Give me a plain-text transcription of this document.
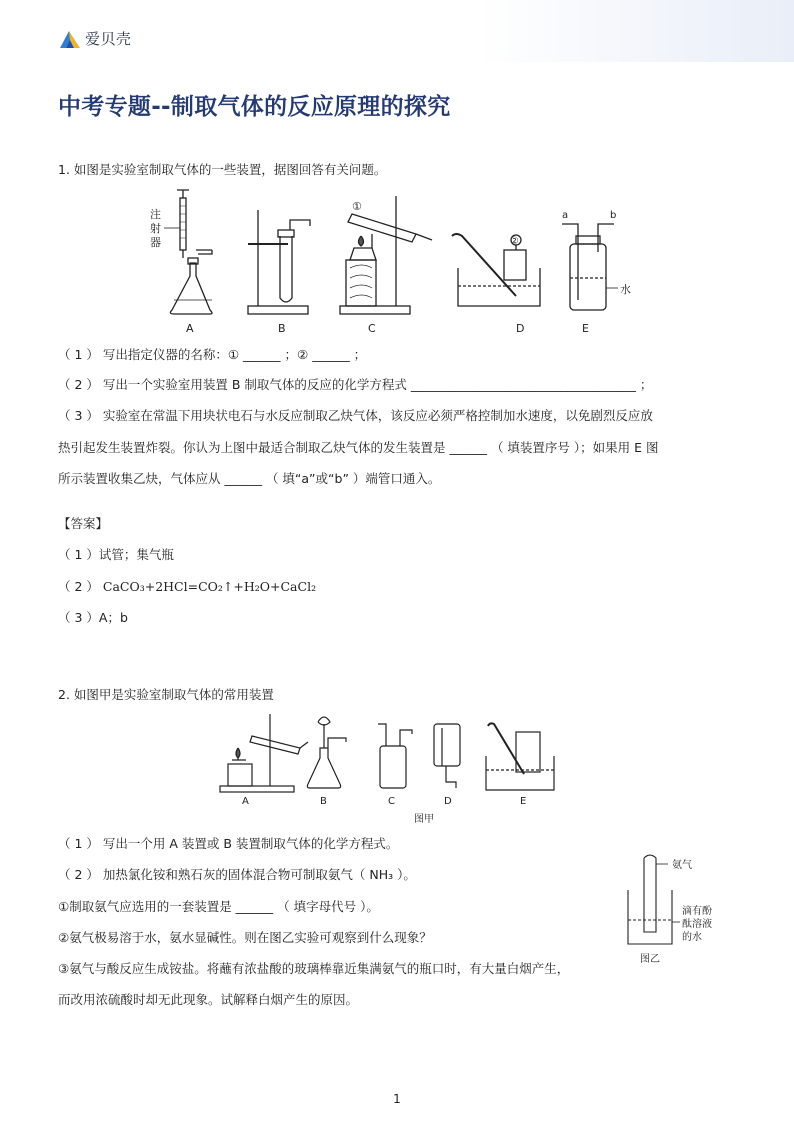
爱贝壳
中考专题--制取气体的反应原理的探究
1. 如图是实验室制取气体的一些装置，据图回答有关问题。
注
射
器
①
②
a	b
水
A	B	C	D	E
（ 1 ） 写出指定仪器的名称：① ______ ；② ______ ；
（ 2 ） 写出一个实验室用装置 B 制取气体的反应的化学方程式 ____________________________________ ；
（ 3 ） 实验室在常温下用块状电石与水反应制取乙炔气体，该反应必须严格控制加水速度，以免剧烈反应放
热引起发生装置炸裂。你认为上图中最适合制取乙炔气体的发生装置是 ______ （ 填装置序号 ）；如果用 E 图
所示装置收集乙炔，气体应从 ______ （ 填“a”或“b” ）端管口通入。
【答案】
（ 1 ）试管；集气瓶
（ 2 ） CaCO₃+2HCl=CO₂↑+H₂O+CaCl₂
（ 3 ）A；b
2. 如图甲是实验室制取气体的常用装置
A	B	C	D	E
图甲
（ 1 ） 写出一个用 A 装置或 B 装置制取气体的化学方程式。
（ 2 ） 加热氯化铵和熟石灰的固体混合物可制取氨气（ NH₃ ）。
①制取氨气应选用的一套装置是 ______ （ 填字母代号 ）。
②氨气极易溶于水，氨水显碱性。则在图乙实验可观察到什么现象？
③氨气与酸反应生成铵盐。将蘸有浓盐酸的玻璃棒靠近集满氨气的瓶口时，有大量白烟产生，
而改用浓硫酸时却无此现象。试解释白烟产生的原因。
氨气
滴有酚
酞溶液
的水
图乙
1
